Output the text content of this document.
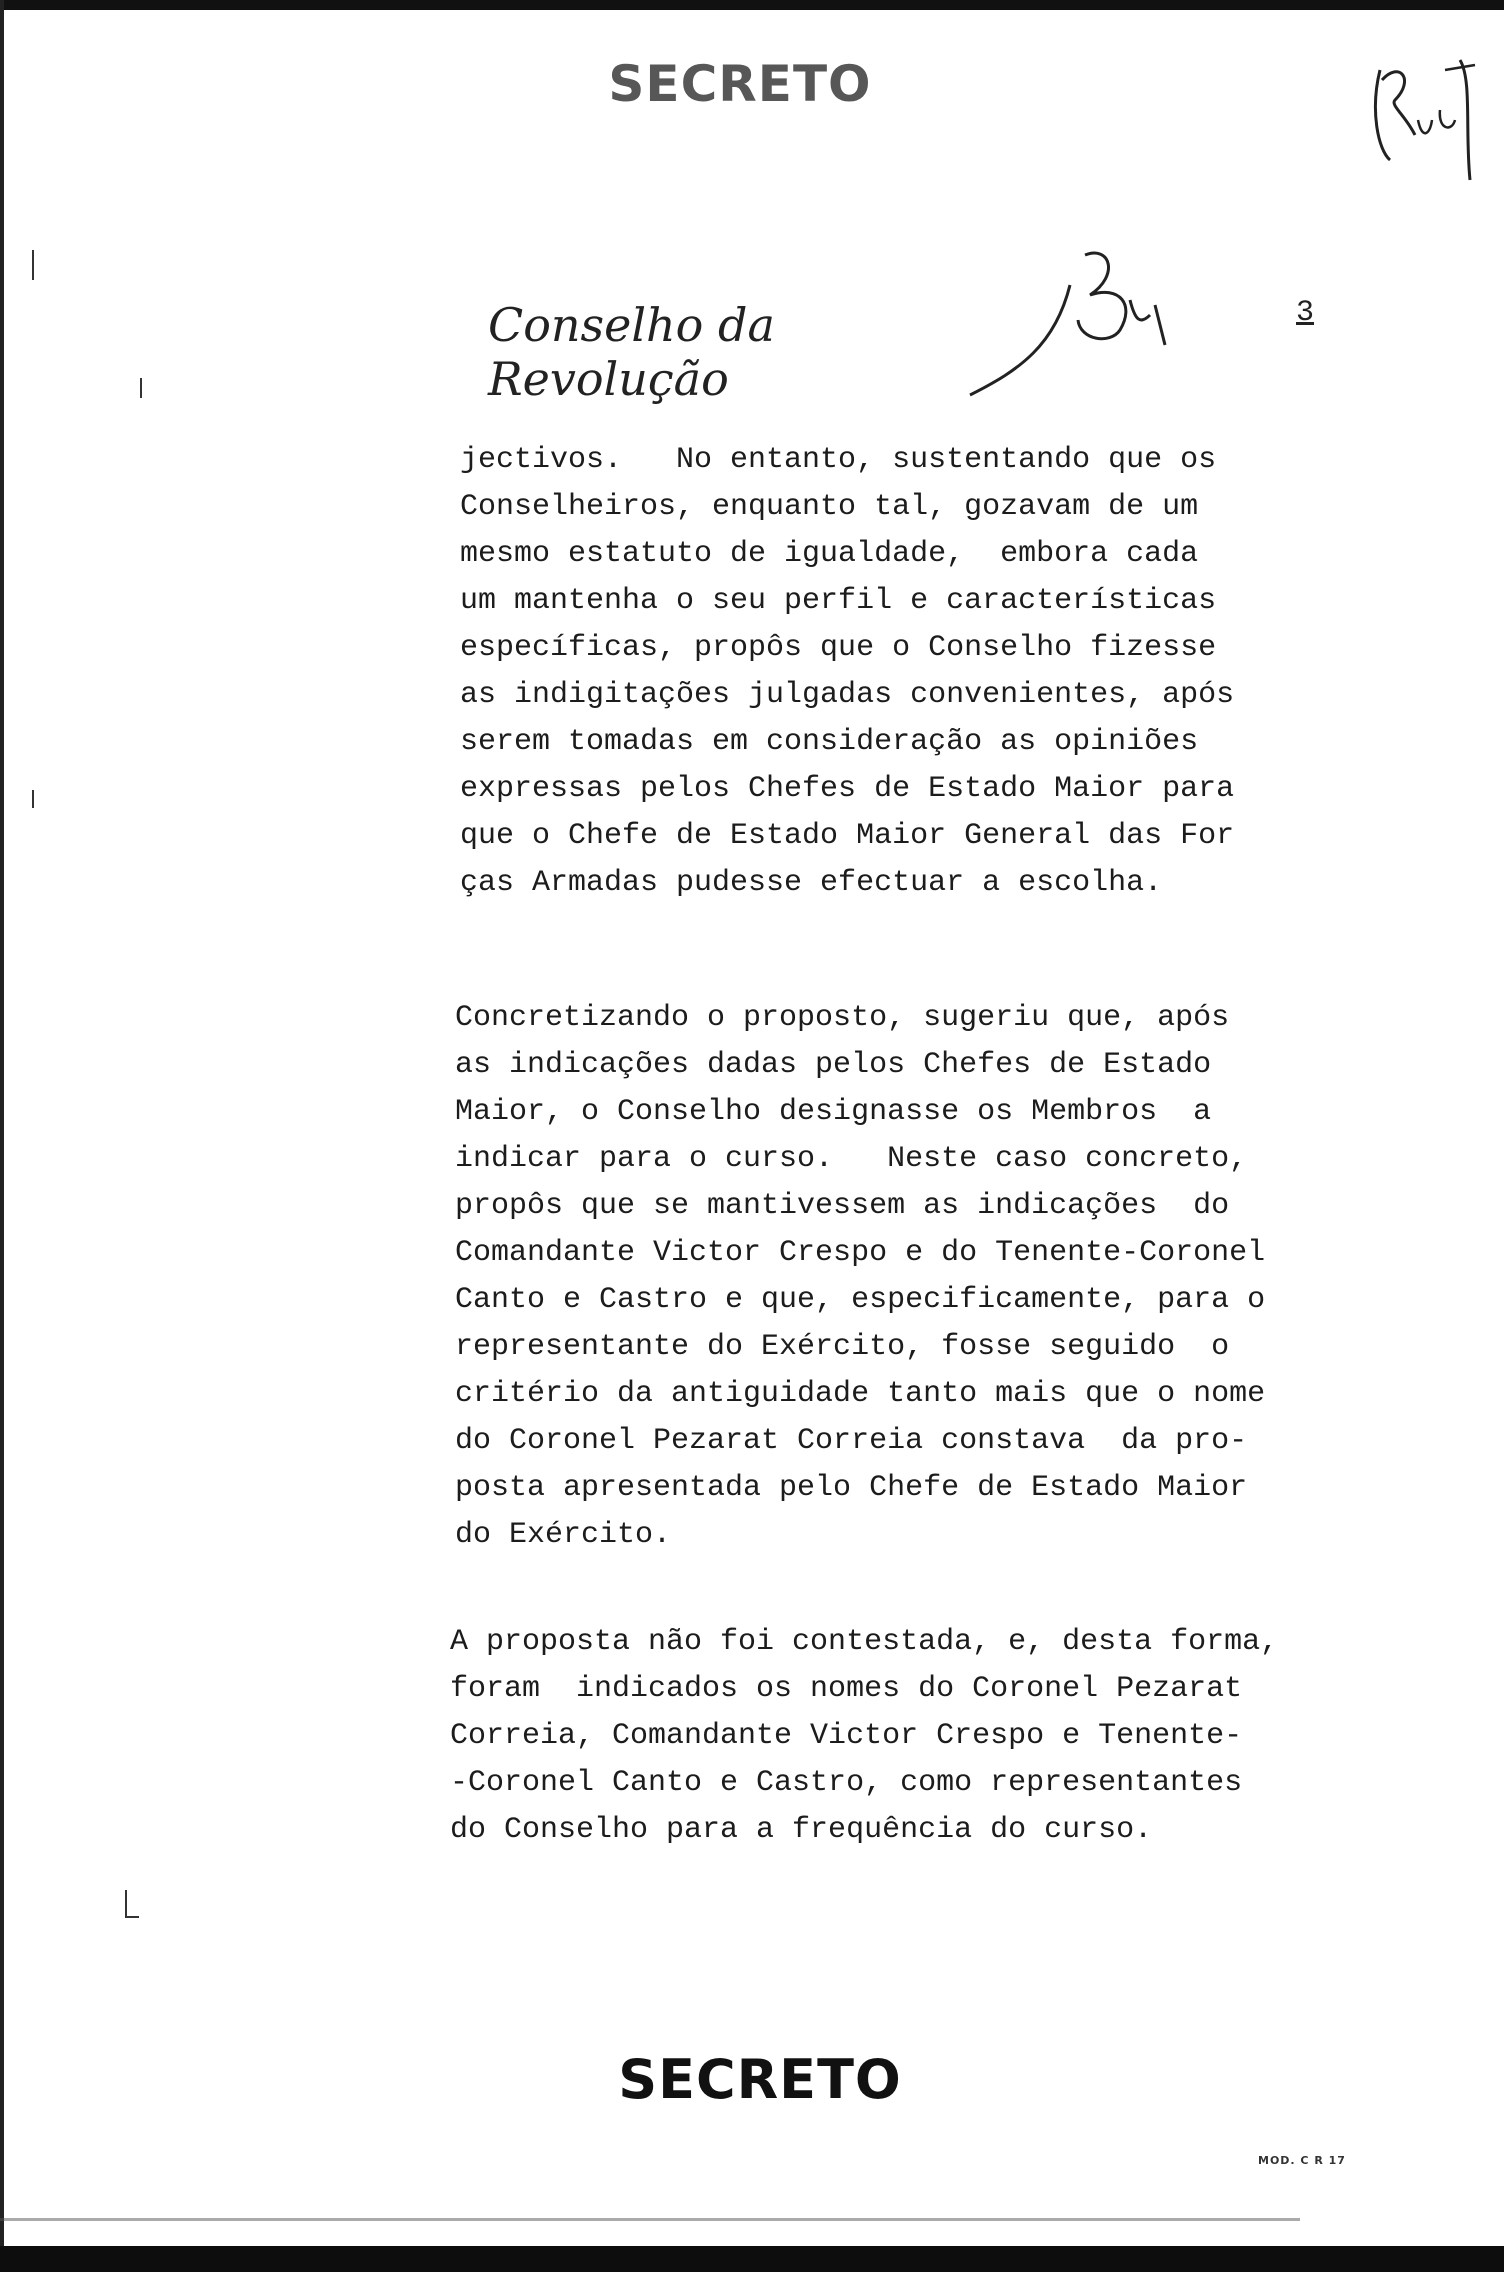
SECRETO
Conselho da Revolução
3

jectivos.   No entanto, sustentando que os
Conselheiros, enquanto tal, gozavam de um
mesmo estatuto de igualdade,  embora cada
um mantenha o seu perfil e características
específicas, propôs que o Conselho fizesse
as indigitações julgadas convenientes, após
serem tomadas em consideração as opiniões
expressas pelos Chefes de Estado Maior para
que o Chefe de Estado Maior General das For
ças Armadas pudesse efectuar a escolha.

Concretizando o proposto, sugeriu que, após
as indicações dadas pelos Chefes de Estado
Maior, o Conselho designasse os Membros  a
indicar para o curso.   Neste caso concreto,
propôs que se mantivessem as indicações  do
Comandante Victor Crespo e do Tenente-Coronel
Canto e Castro e que, especificamente, para o
representante do Exército, fosse seguido  o
critério da antiguidade tanto mais que o nome
do Coronel Pezarat Correia constava  da pro-
posta apresentada pelo Chefe de Estado Maior
do Exército.

A proposta não foi contestada, e, desta forma,
foram  indicados os nomes do Coronel Pezarat
Correia, Comandante Victor Crespo e Tenente-
-Coronel Canto e Castro, como representantes
do Conselho para a frequência do curso.

SECRETO
MOD. C R 17
